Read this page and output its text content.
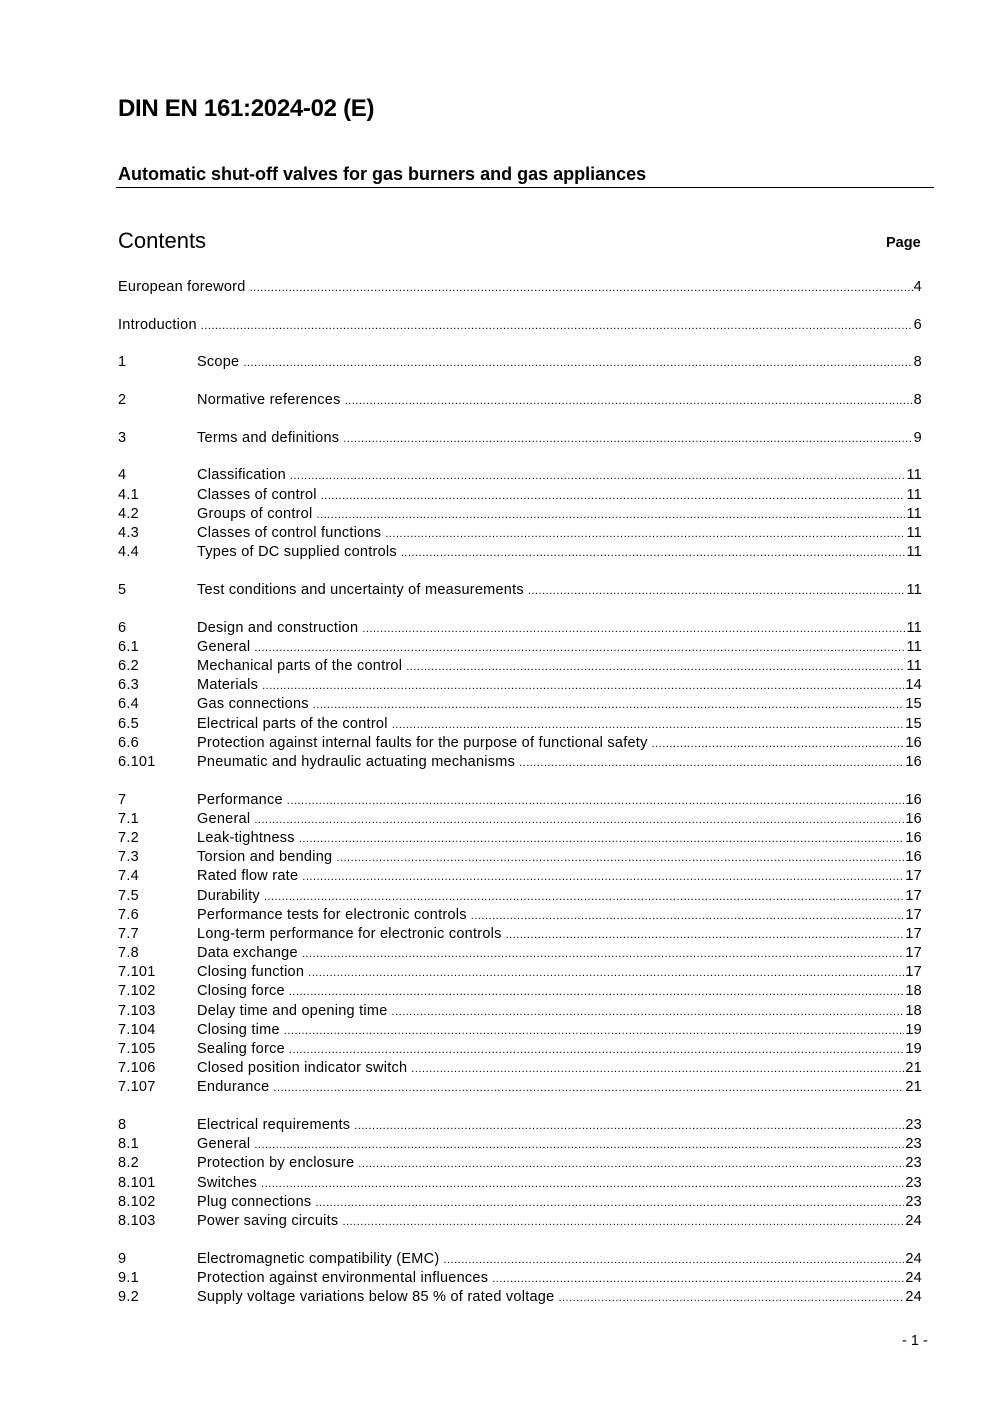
DIN EN 161:2024-02 (E)
Automatic shut-off valves for gas burners and gas appliances
Contents	Page
European foreword .....	4
Introduction .....	6
1	Scope .....	8
2	Normative references .....	8
3	Terms and definitions .....	9
4	Classification .....	11
4.1	Classes of control .....	11
4.2	Groups of control .....	11
4.3	Classes of control functions .....	11
4.4	Types of DC supplied controls .....	11
5	Test conditions and uncertainty of measurements .....	11
6	Design and construction .....	11
6.1	General .....	11
6.2	Mechanical parts of the control .....	11
6.3	Materials .....	14
6.4	Gas connections .....	15
6.5	Electrical parts of the control .....	15
6.6	Protection against internal faults for the purpose of functional safety .....	16
6.101	Pneumatic and hydraulic actuating mechanisms .....	16
7	Performance .....	16
7.1	General .....	16
7.2	Leak-tightness .....	16
7.3	Torsion and bending .....	16
7.4	Rated flow rate .....	17
7.5	Durability .....	17
7.6	Performance tests for electronic controls .....	17
7.7	Long-term performance for electronic controls .....	17
7.8	Data exchange .....	17
7.101	Closing function .....	17
7.102	Closing force .....	18
7.103	Delay time and opening time .....	18
7.104	Closing time .....	19
7.105	Sealing force .....	19
7.106	Closed position indicator switch .....	21
7.107	Endurance .....	21
8	Electrical requirements .....	23
8.1	General .....	23
8.2	Protection by enclosure .....	23
8.101	Switches .....	23
8.102	Plug connections .....	23
8.103	Power saving circuits .....	24
9	Electromagnetic compatibility (EMC) .....	24
9.1	Protection against environmental influences .....	24
9.2	Supply voltage variations below 85 % of rated voltage .....	24
- 1 -
